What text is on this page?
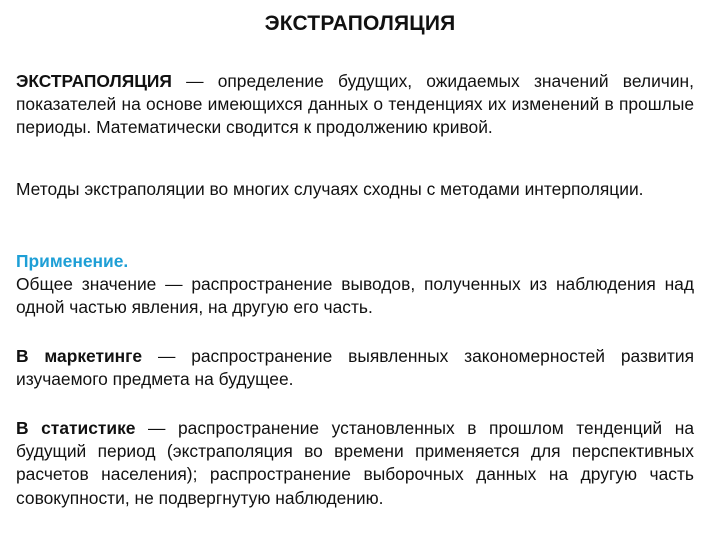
ЭКСТРАПОЛЯЦИЯ
ЭКСТРАПОЛЯЦИЯ — определение будущих, ожидаемых значений величин, показателей на основе имеющихся данных о тенденциях их изменений в прошлые периоды. Математически сводится к продолжению кривой.
Методы экстраполяции во многих случаях сходны с методами интерполяции.
Применение.
Общее значение — распространение выводов, полученных из наблюдения над одной частью явления, на другую его часть.
В маркетинге — распространение выявленных закономерностей развития изучаемого предмета на будущее.
В статистике — распространение установленных в прошлом тенденций на будущий период (экстраполяция во времени применяется для перспективных расчетов населения); распространение выборочных данных на другую часть совокупности, не подвергнутую наблюдению.
